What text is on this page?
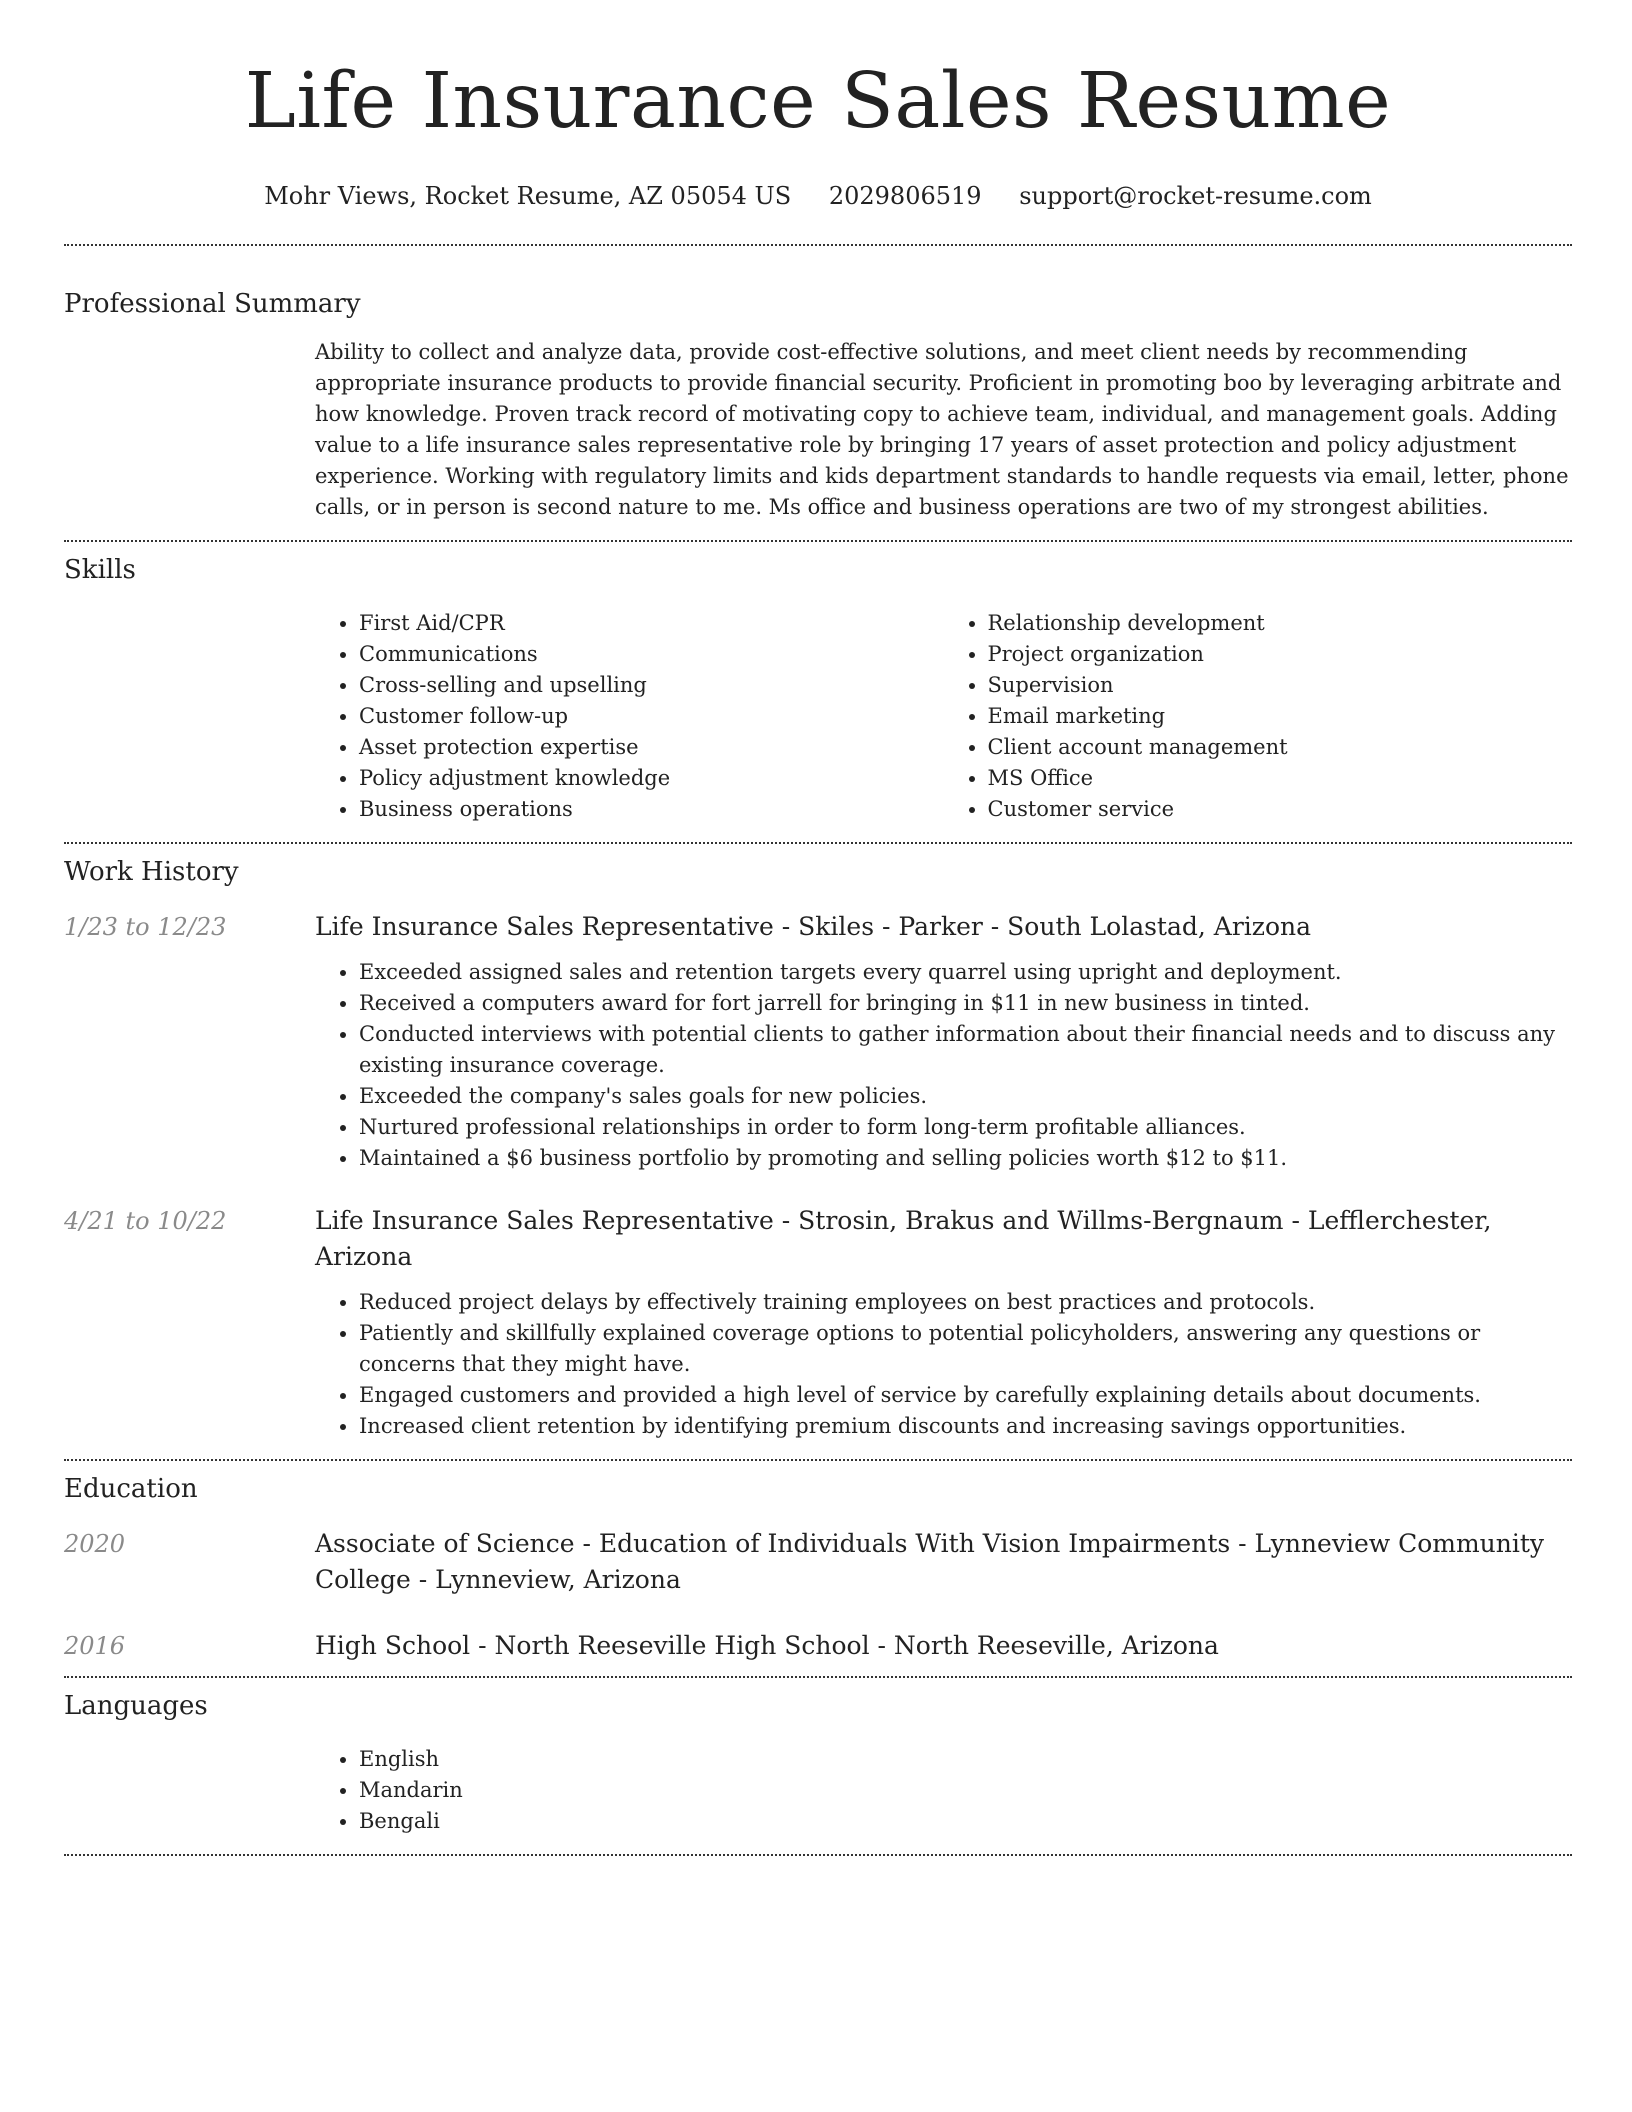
Life Insurance Sales Resume
Mohr Views, Rocket Resume, AZ 05054 US 2029806519 support@rocket-resume.com
Professional Summary

Ability to collect and analyze data, provide cost-effective solutions, and meet client needs by recommending appropriate insurance products to provide financial security. Proficient in promoting boo by leveraging arbitrate and how knowledge. Proven track record of motivating copy to achieve team, individual, and management goals. Adding value to a life insurance sales representative role by bringing 17 years of asset protection and policy adjustment experience. Working with regulatory limits and kids department standards to handle requests via email, letter, phone calls, or in person is second nature to me. Ms office and business operations are two of my strongest abilities.

Skills
• First Aid/CPR
• Communications
• Cross-selling and upselling
• Customer follow-up
• Asset protection expertise
• Policy adjustment knowledge
• Business operations
• Relationship development
• Project organization
• Supervision
• Email marketing
• Client account management
• MS Office
• Customer service
Work History
1/23 to 12/23	Life Insurance Sales Representative - Skiles - Parker - South Lolastad, Arizona
• Exceeded assigned sales and retention targets every quarrel using upright and deployment.
• Received a computers award for fort jarrell for bringing in $11 in new business in tinted.
• Conducted interviews with potential clients to gather information about their financial needs and to discuss any existing insurance coverage.
• Exceeded the company's sales goals for new policies.
• Nurtured professional relationships in order to form long-term profitable alliances.
• Maintained a $6 business portfolio by promoting and selling policies worth $12 to $11.
4/21 to 10/22	Life Insurance Sales Representative - Strosin, Brakus and Willms-Bergnaum - Lefflerchester, Arizona
• Reduced project delays by effectively training employees on best practices and protocols.
• Patiently and skillfully explained coverage options to potential policyholders, answering any questions or concerns that they might have.
• Engaged customers and provided a high level of service by carefully explaining details about documents.
• Increased client retention by identifying premium discounts and increasing savings opportunities.
Education
2020	Associate of Science - Education of Individuals With Vision Impairments - Lynneview Community College - Lynneview, Arizona
2016	High School - North Reeseville High School - North Reeseville, Arizona
Languages
• English
• Mandarin
• Bengali
